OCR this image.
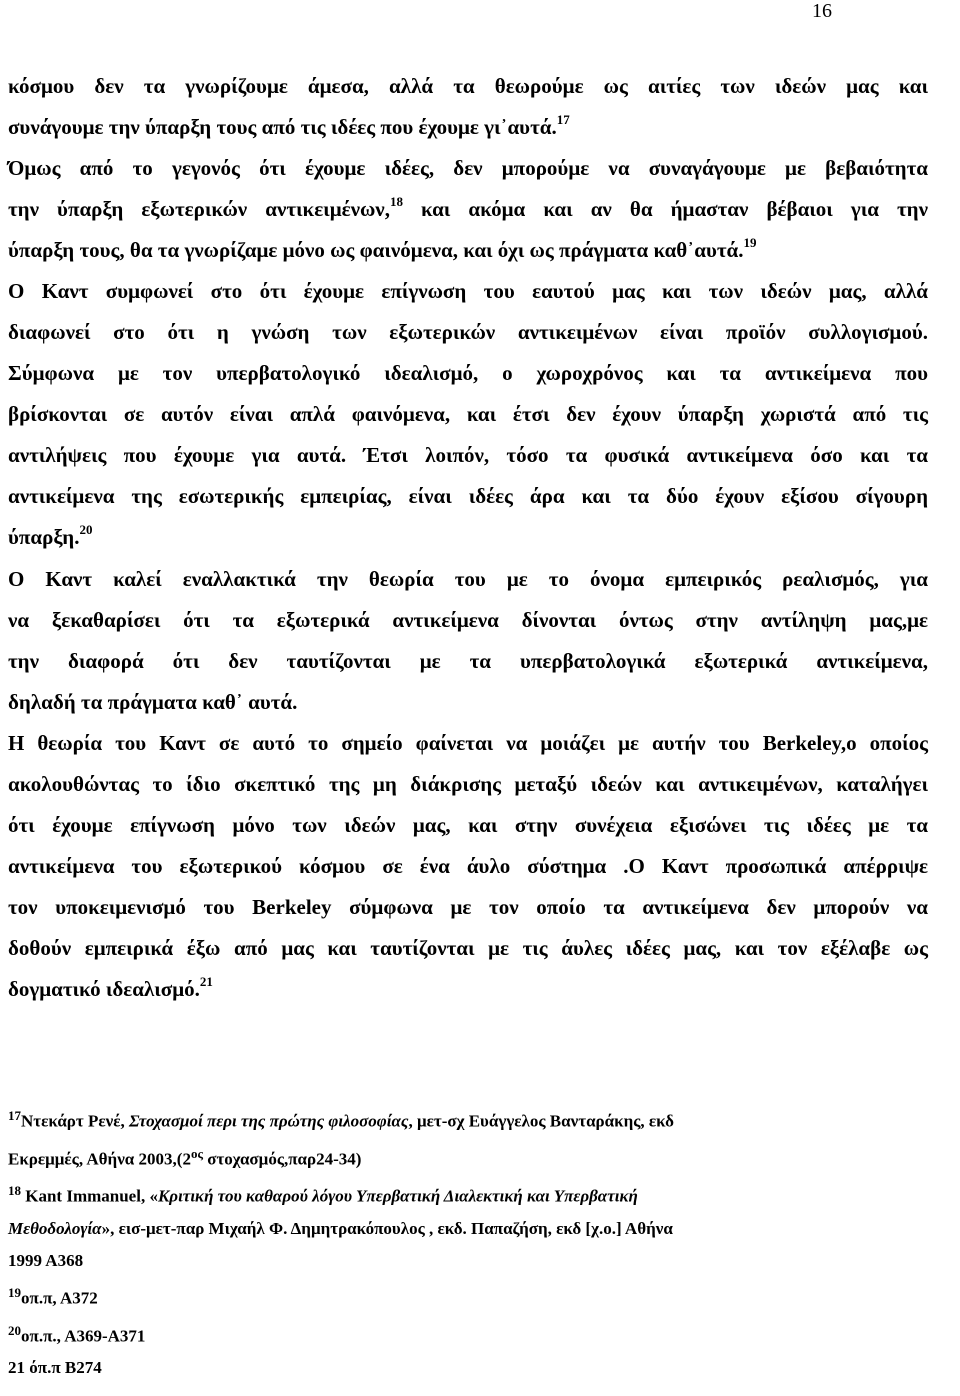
16
κόσμου δεν τα γνωρίζουμε άμεσα, αλλά τα θεωρούμε ως αιτίες των ιδεών μας και
συνάγουμε την ύπαρξη τους από τις ιδέες που έχουμε γι᾿αυτά.$^{17}$
Όμως από το γεγονός ότι έχουμε ιδέες, δεν μπορούμε να συναγάγουμε με βεβαιότητα
την ύπαρξη εξωτερικών αντικειμένων,$^{18}$ και ακόμα και αν θα ήμασταν βέβαιοι για την
ύπαρξη τους, θα τα γνωρίζαμε μόνο ως φαινόμενα, και όχι ως πράγματα καθ᾿αυτά.$^{19}$
Ο Καντ συμφωνεί στο ότι έχουμε επίγνωση του εαυτού μας και των ιδεών μας, αλλά
διαφωνεί στο ότι η γνώση των εξωτερικών αντικειμένων είναι προϊόν συλλογισμού.
Σύμφωνα με τον υπερβατολογικό ιδεαλισμό, ο χωροχρόνος και τα αντικείμενα που
βρίσκονται σε αυτόν είναι απλά φαινόμενα, και έτσι δεν έχουν ύπαρξη χωριστά από τις
αντιλήψεις που έχουμε για αυτά. Έτσι λοιπόν, τόσο τα φυσικά αντικείμενα όσο και τα
αντικείμενα της εσωτερικής εμπειρίας, είναι ιδέες άρα και τα δύο έχουν εξίσου σίγουρη
ύπαρξη.$^{20}$
Ο Καντ καλεί εναλλακτικά την θεωρία του με το όνομα εμπειρικός ρεαλισμός, για
να ξεκαθαρίσει ότι τα εξωτερικά αντικείμενα δίνονται όντως στην αντίληψη μας,με
την διαφορά ότι δεν ταυτίζονται με τα υπερβατολογικά εξωτερικά αντικείμενα,
δηλαδή τα πράγματα καθ᾿ αυτά.
Η θεωρία του Καντ σε αυτό το σημείο φαίνεται να μοιάζει με αυτήν του Berkeley,ο οποίος
ακολουθώντας το ίδιο σκεπτικό της μη διάκρισης μεταξύ ιδεών και αντικειμένων, καταλήγει
ότι έχουμε επίγνωση μόνο των ιδεών μας, και στην συνέχεια εξισώνει τις ιδέες με τα
αντικείμενα του εξωτερικού κόσμου σε ένα άυλο σύστημα .Ο Καντ προσωπικά απέρριψε
τον υποκειμενισμό του Berkeley σύμφωνα με τον οποίο τα αντικείμενα δεν μπορούν να
δοθούν εμπειρικά έξω από μας και ταυτίζονται με τις άυλες ιδέες μας, και τον εξέλαβε ως
δογματικό ιδεαλισμό.$^{21}$
$^{17}$Ντεκάρτ Ρενέ, Στοχασμοί περι της πρώτης φιλοσοφίας, μετ-σχ Ευάγγελος Βανταράκης, εκδ
Εκρεμμές, Αθήνα $2003,(2^{o\varsigma}$ στοχασμός,παρ24-34)
$^{18}$ Kant Immanuel, «Κριτική του καθαρού λόγου Υπερβατική Διαλεκτική και Υπερβατική
Μεθοδολογία», εισ-μετ-παρ Μιχαήλ Φ. Δημητρακόπουλος , εκδ. Παπαζήση, εκδ [χ.ο.] Αθήνα
1999 Α368
$^{19}$οπ.π, Α372
$^{20}$οπ.π., Α369-Α371
21 όπ.π Β274
